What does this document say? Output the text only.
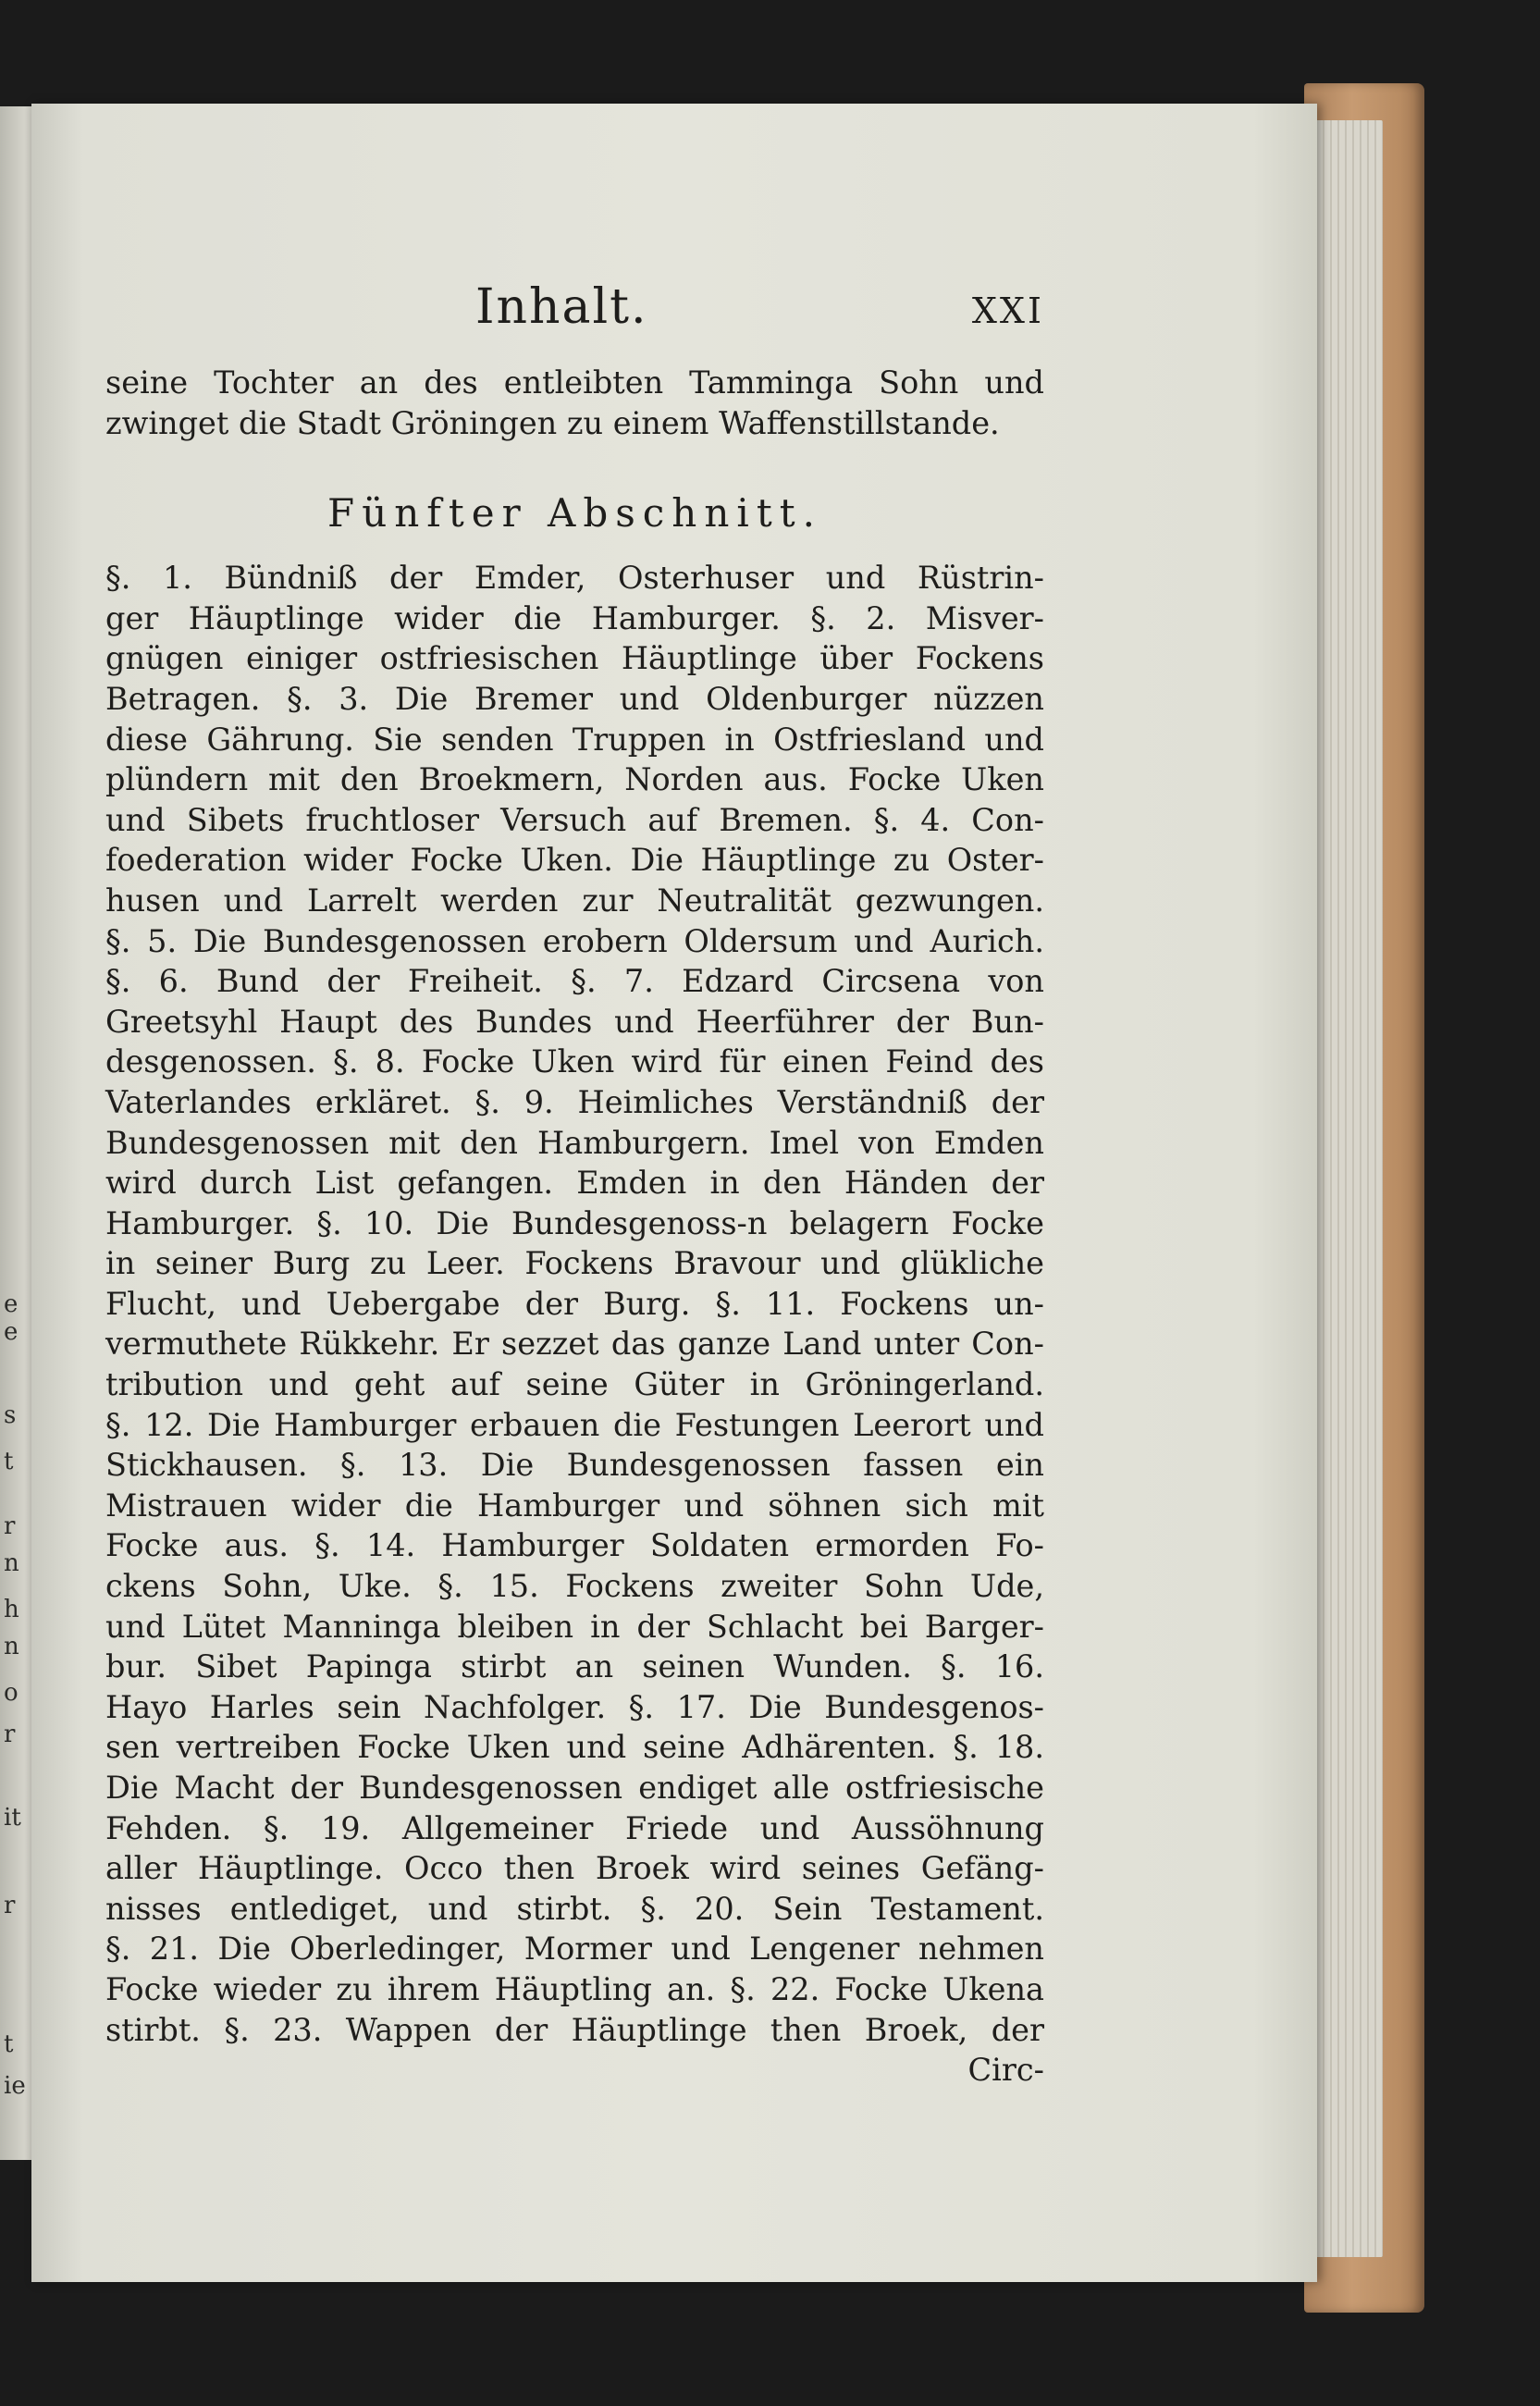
e
e
s
t
r
n
h
n
o
r
it
r
t
ie
Inhalt.	XXI
seine Tochter an des entleibten Tamminga Sohn und
zwinget die Stadt Gröningen zu einem Waffenstillstande.
Fünfter Abschnitt.
§. 1. Bündniß der Emder, Osterhuser und Rüstrin-
ger Häuptlinge wider die Hamburger. §. 2. Misver-
gnügen einiger ostfriesischen Häuptlinge über Fockens
Betragen. §. 3. Die Bremer und Oldenburger nüzzen
diese Gährung. Sie senden Truppen in Ostfriesland und
plündern mit den Broekmern, Norden aus. Focke Uken
und Sibets fruchtloser Versuch auf Bremen. §. 4. Con-
foederation wider Focke Uken. Die Häuptlinge zu Oster-
husen und Larrelt werden zur Neutralität gezwungen.
§. 5. Die Bundesgenossen erobern Oldersum und Aurich.
§. 6. Bund der Freiheit. §. 7. Edzard Circsena von
Greetsyhl Haupt des Bundes und Heerführer der Bun-
desgenossen. §. 8. Focke Uken wird für einen Feind des
Vaterlandes erkläret. §. 9. Heimliches Verständniß der
Bundesgenossen mit den Hamburgern. Imel von Emden
wird durch List gefangen. Emden in den Händen der
Hamburger. §. 10. Die Bundesgenoss-n belagern Focke
in seiner Burg zu Leer. Fockens Bravour und glükliche
Flucht, und Uebergabe der Burg. §. 11. Fockens un-
vermuthete Rükkehr. Er sezzet das ganze Land unter Con-
tribution und geht auf seine Güter in Gröningerland.
§. 12. Die Hamburger erbauen die Festungen Leerort und
Stickhausen. §. 13. Die Bundesgenossen fassen ein
Mistrauen wider die Hamburger und söhnen sich mit
Focke aus. §. 14. Hamburger Soldaten ermorden Fo-
ckens Sohn, Uke. §. 15. Fockens zweiter Sohn Ude,
und Lütet Manninga bleiben in der Schlacht bei Barger-
bur. Sibet Papinga stirbt an seinen Wunden. §. 16.
Hayo Harles sein Nachfolger. §. 17. Die Bundesgenos-
sen vertreiben Focke Uken und seine Adhärenten. §. 18.
Die Macht der Bundesgenossen endiget alle ostfriesische
Fehden. §. 19. Allgemeiner Friede und Aussöhnung
aller Häuptlinge. Occo then Broek wird seines Gefäng-
nisses entlediget, und stirbt. §. 20. Sein Testament.
§. 21. Die Oberledinger, Mormer und Lengener nehmen
Focke wieder zu ihrem Häuptling an. §. 22. Focke Ukena
stirbt. §. 23. Wappen der Häuptlinge then Broek, der
Circ-
